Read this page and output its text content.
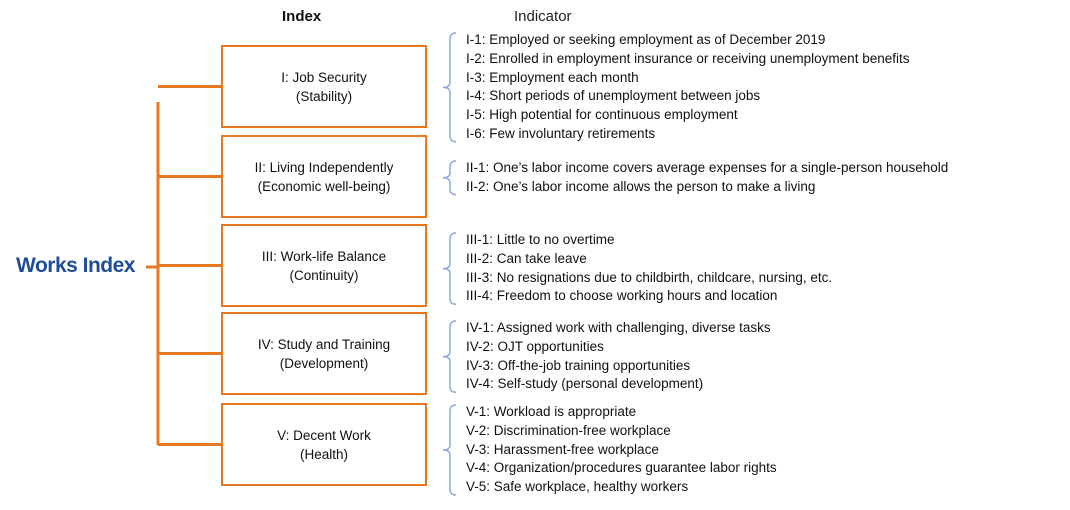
Index	Indicator
Works Index
I: Job Security
(Stability)
I-1: Employed or seeking employment as of December 2019
I-2: Enrolled in employment insurance or receiving unemployment benefits
I-3: Employment each month
I-4: Short periods of unemployment between jobs
I-5: High potential for continuous employment
I-6: Few involuntary retirements
II: Living Independently
(Economic well-being)
II-1: One’s labor income covers average expenses for a single-person household
II-2: One’s labor income allows the person to make a living
III: Work-life Balance
(Continuity)
III-1: Little to no overtime
III-2: Can take leave
III-3: No resignations due to childbirth, childcare, nursing, etc.
III-4: Freedom to choose working hours and location
IV: Study and Training
(Development)
IV-1: Assigned work with challenging, diverse tasks
IV-2: OJT opportunities
IV-3: Off-the-job training opportunities
IV-4: Self-study (personal development)
V: Decent Work
(Health)
V-1: Workload is appropriate
V-2: Discrimination-free workplace
V-3: Harassment-free workplace
V-4: Organization/procedures guarantee labor rights
V-5: Safe workplace, healthy workers
